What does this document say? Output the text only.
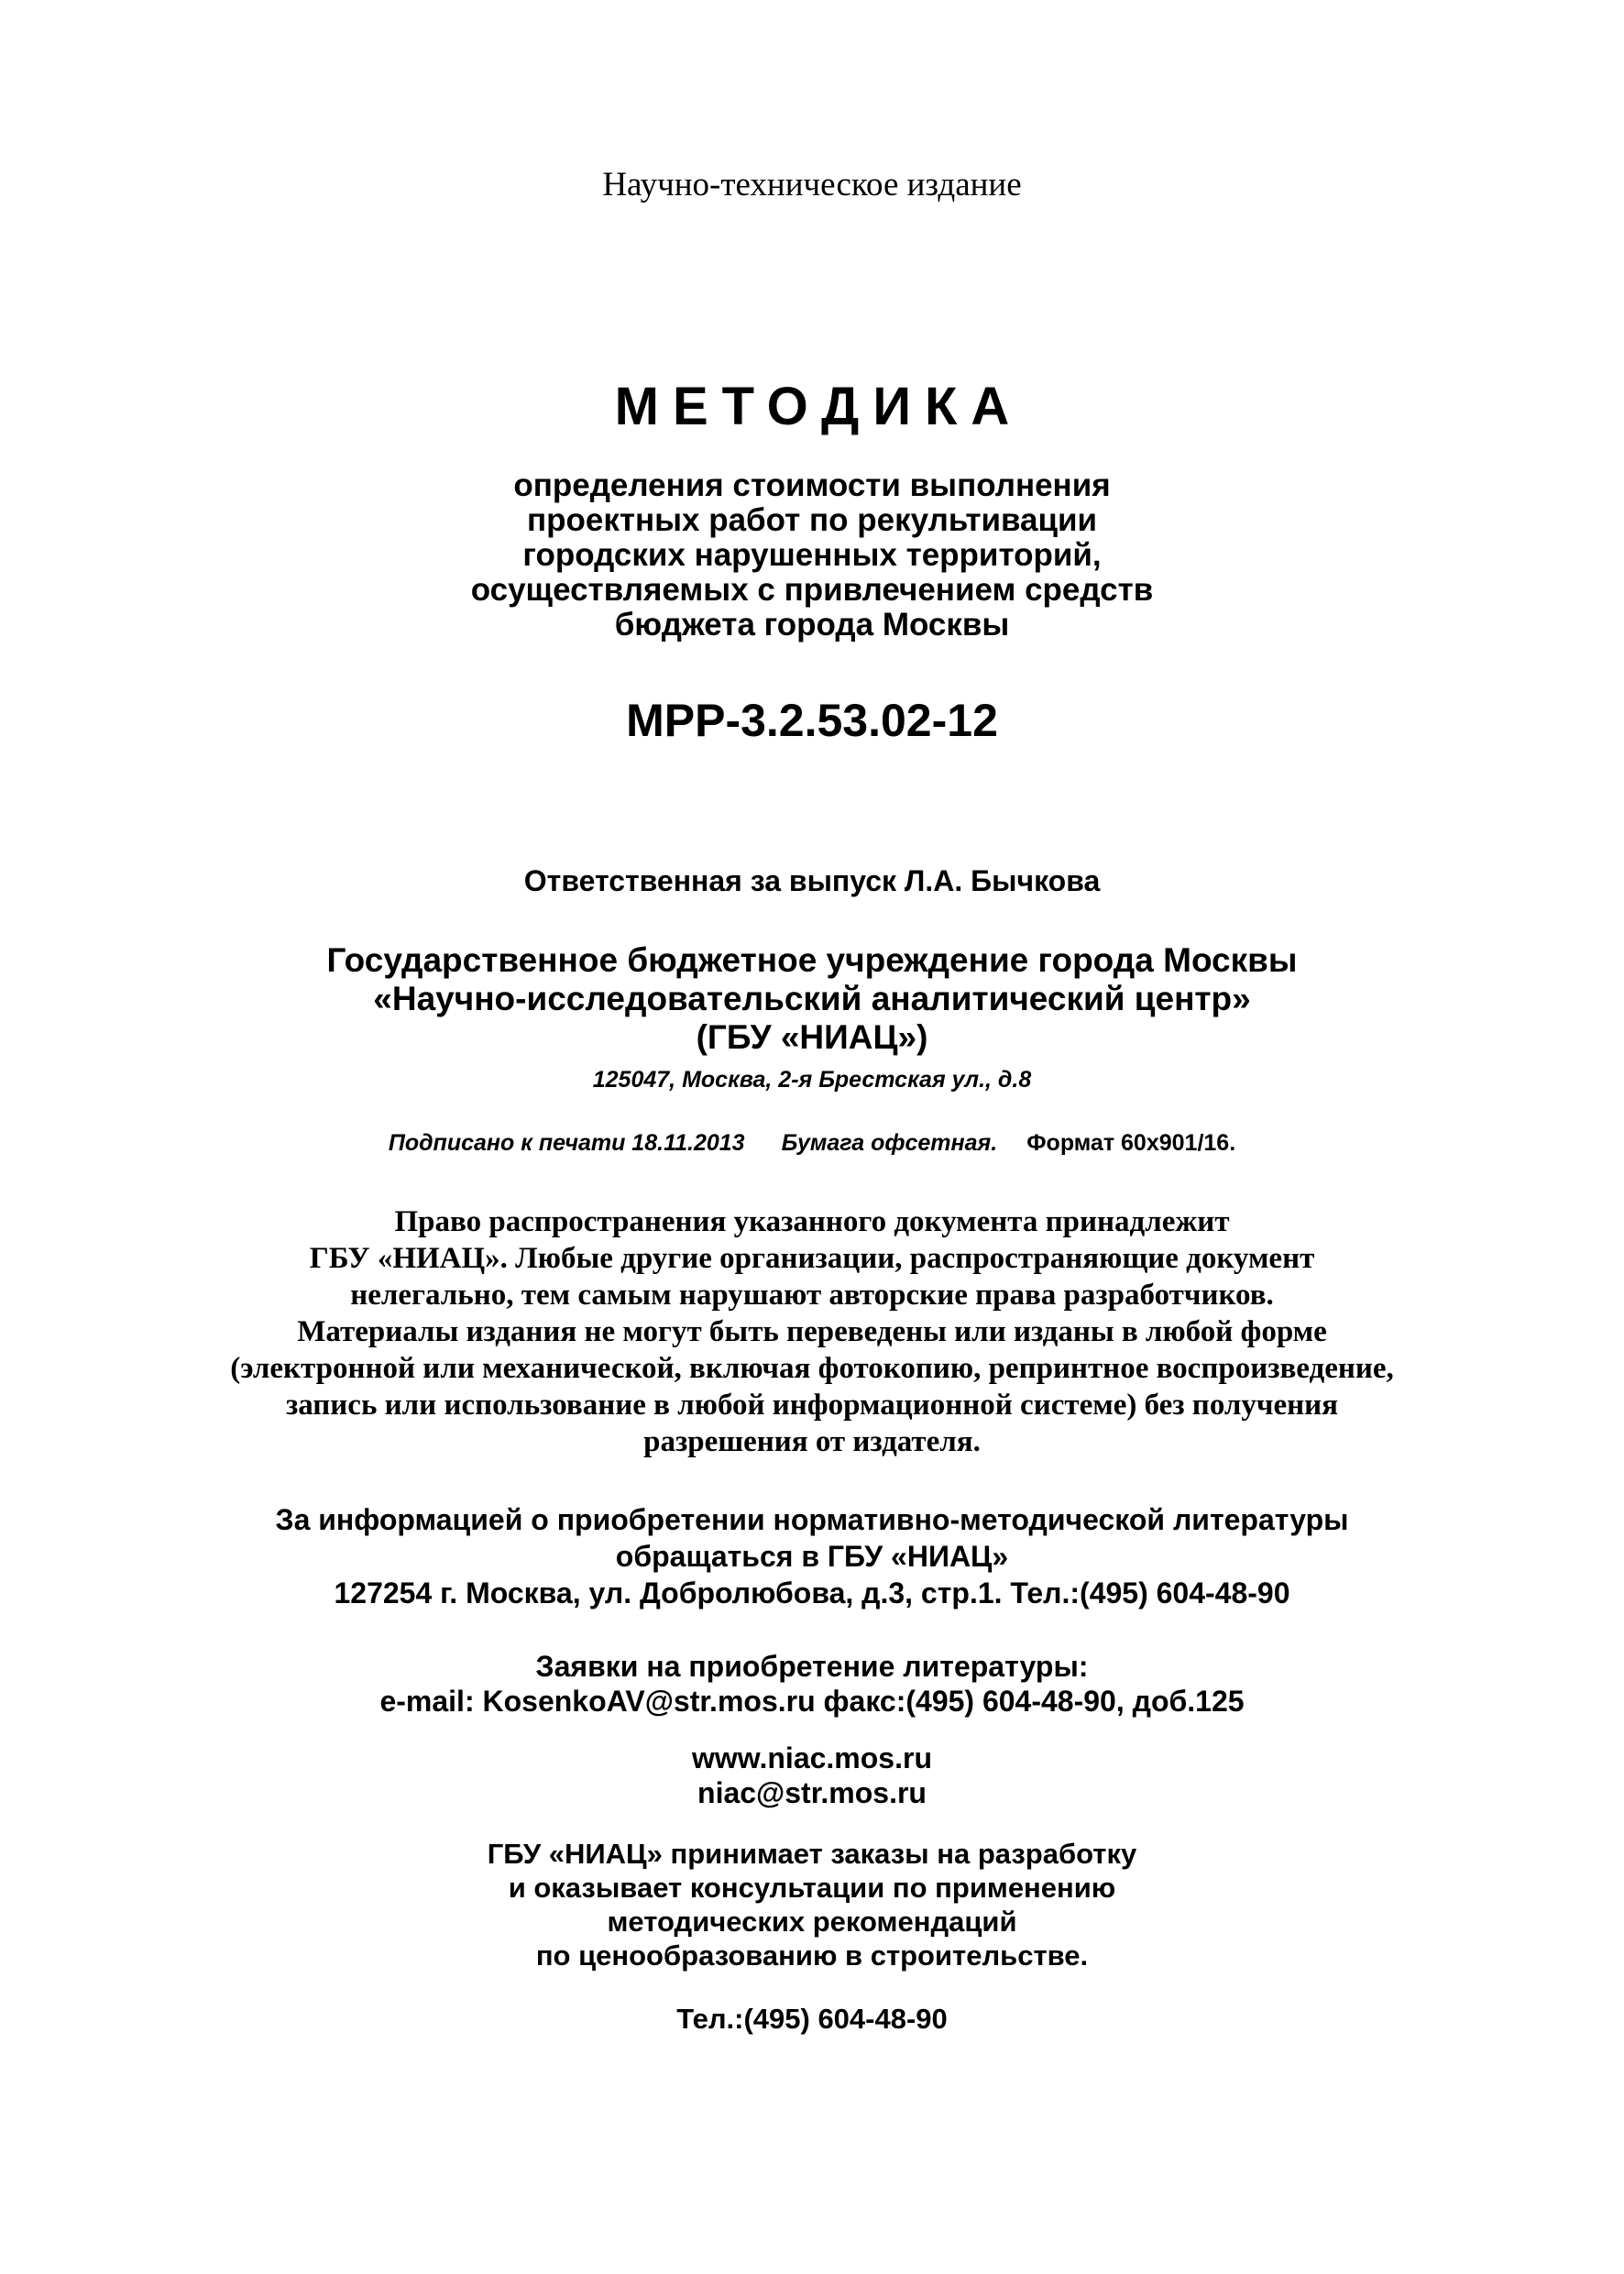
Научно-техническое издание

МЕТОДИКА

определения стоимости выполнения

проектных работ по рекультивации

городских нарушенных территорий,

осуществляемых с привлечением средств

бюджета города Москвы

МРР-3.2.53.02-12

Ответственная за выпуск Л.А. Бычкова

Государственное бюджетное учреждение города Москвы

«Научно-исследовательский аналитический центр»

(ГБУ «НИАЦ»)

125047, Москва, 2-я Брестская ул., д.8

Подписано к печати 18.11.2013 Бумага офсетная. Формат 60х901/16.

Право распространения указанного документа принадлежит

ГБУ «НИАЦ». Любые другие организации, распространяющие документ

нелегально, тем самым нарушают авторские права разработчиков.

Материалы издания не могут быть переведены или изданы в любой форме

(электронной или механической, включая фотокопию, репринтное воспроизведение,

запись или использование в любой информационной системе) без получения

разрешения от издателя.

За информацией о приобретении нормативно-методической литературы

обращаться в ГБУ «НИАЦ»

127254 г. Москва, ул. Добролюбова, д.3, стр.1. Тел.:(495) 604-48-90

Заявки на приобретение литературы:

e-mail: KosenkoAV@str.mos.ru факс:(495) 604-48-90, доб.125

www.niac.mos.ru

niac@str.mos.ru

ГБУ «НИАЦ» принимает заказы на разработку

и оказывает консультации по применению

методических рекомендаций

по ценообразованию в строительстве.

Тел.:(495) 604-48-90
